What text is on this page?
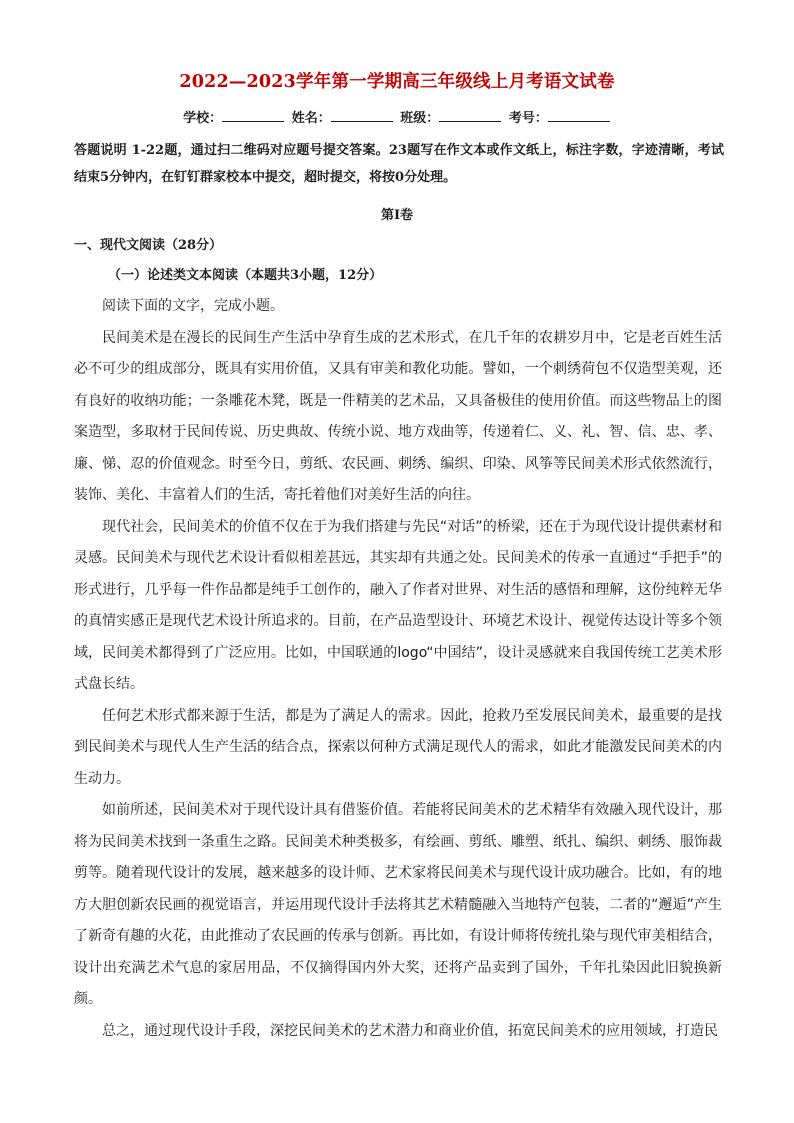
2022—2023学年第一学期高三年级线上月考语文试卷
学校：	姓名：	班级：	考号：
答题说明 1-22题，通过扫二维码对应题号提交答案。23题写在作文本或作文纸上，标注字数，字迹清晰，考试结束5分钟内，在钉钉群家校本中提交，超时提交，将按0分处理。
第Ⅰ卷
一、现代文阅读（28分）
（一）论述类文本阅读（本题共3小题，12分）

阅读下面的文字，完成小题。

民间美术是在漫长的民间生产生活中孕育生成的艺术形式，在几千年的农耕岁月中，它是老百姓生活必不可少的组成部分，既具有实用价值，又具有审美和教化功能。譬如，一个刺绣荷包不仅造型美观，还有良好的收纳功能；一条雕花木凳，既是一件精美的艺术品，又具备极佳的使用价值。而这些物品上的图案造型，多取材于民间传说、历史典故、传统小说、地方戏曲等，传递着仁、义、礼、智、信、忠、孝、廉、悌、忍的价值观念。时至今日，剪纸、农民画、刺绣、编织、印染、风筝等民间美术形式依然流行，装饰、美化、丰富着人们的生活，寄托着他们对美好生活的向往。

现代社会，民间美术的价值不仅在于为我们搭建与先民“对话”的桥梁，还在于为现代设计提供素材和灵感。民间美术与现代艺术设计看似相差甚远，其实却有共通之处。民间美术的传承一直通过“手把手”的形式进行，几乎每一件作品都是纯手工创作的，融入了作者对世界、对生活的感悟和理解，这份纯粹无华的真情实感正是现代艺术设计所追求的。目前，在产品造型设计、环境艺术设计、视觉传达设计等多个领域，民间美术都得到了广泛应用。比如，中国联通的logo“中国结”，设计灵感就来自我国传统工艺美术形式盘长结。

任何艺术形式都来源于生活，都是为了满足人的需求。因此，抢救乃至发展民间美术，最重要的是找到民间美术与现代人生产生活的结合点，探索以何种方式满足现代人的需求，如此才能激发民间美术的内生动力。

如前所述，民间美术对于现代设计具有借鉴价值。若能将民间美术的艺术精华有效融入现代设计，那将为民间美术找到一条重生之路。民间美术种类极多，有绘画、剪纸、雕塑、纸扎、编织、刺绣、服饰裁剪等。随着现代设计的发展，越来越多的设计师、艺术家将民间美术与现代设计成功融合。比如，有的地方大胆创新农民画的视觉语言，并运用现代设计手法将其艺术精髓融入当地特产包装，二者的“邂逅”产生了新奇有趣的火花，由此推动了农民画的传承与创新。再比如，有设计师将传统扎染与现代审美相结合，设计出充满艺术气息的家居用品，不仅摘得国内外大奖，还将产品卖到了国外，千年扎染因此旧貌换新颜。

总之，通过现代设计手段，深挖民间美术的艺术潜力和商业价值，拓宽民间美术的应用领域，打造民
